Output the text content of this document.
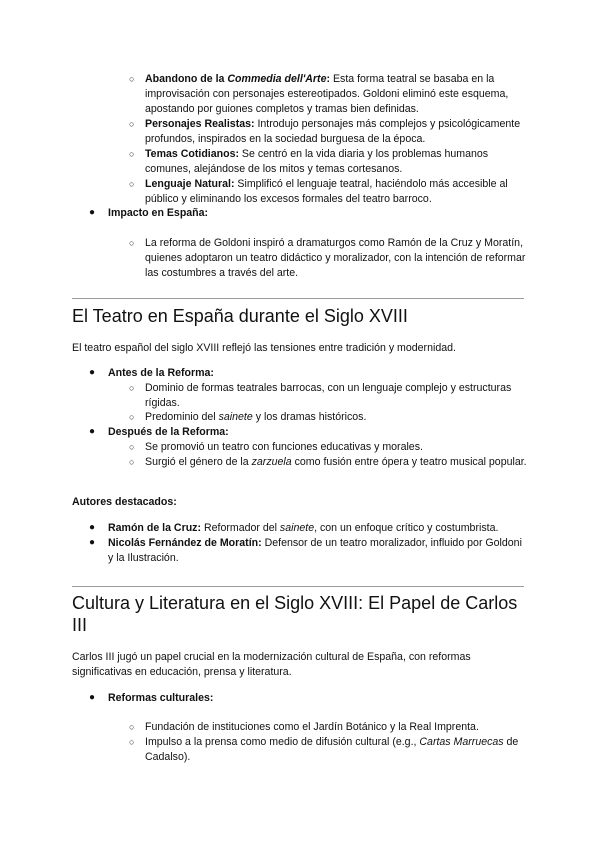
○ Abandono de la Commedia dell'Arte: Esta forma teatral se basaba en la improvisación con personajes estereotipados. Goldoni eliminó este esquema, apostando por guiones completos y tramas bien definidas.
○ Personajes Realistas: Introdujo personajes más complejos y psicológicamente profundos, inspirados en la sociedad burguesa de la época.
○ Temas Cotidianos: Se centró en la vida diaria y los problemas humanos comunes, alejándose de los mitos y temas cortesanos.
○ Lenguaje Natural: Simplificó el lenguaje teatral, haciéndolo más accesible al público y eliminando los excesos formales del teatro barroco.
● Impacto en España:
○ La reforma de Goldoni inspiró a dramaturgos como Ramón de la Cruz y Moratín, quienes adoptaron un teatro didáctico y moralizador, con la intención de reformar las costumbres a través del arte.
El Teatro en España durante el Siglo XVIII
El teatro español del siglo XVIII reflejó las tensiones entre tradición y modernidad.
● Antes de la Reforma:
○ Dominio de formas teatrales barrocas, con un lenguaje complejo y estructuras rígidas.
○ Predominio del sainete y los dramas históricos.
● Después de la Reforma:
○ Se promovió un teatro con funciones educativas y morales.
○ Surgió el género de la zarzuela como fusión entre ópera y teatro musical popular.
Autores destacados:
● Ramón de la Cruz: Reformador del sainete, con un enfoque crítico y costumbrista.
● Nicolás Fernández de Moratín: Defensor de un teatro moralizador, influido por Goldoni y la Ilustración.
Cultura y Literatura en el Siglo XVIII: El Papel de Carlos III
Carlos III jugó un papel crucial en la modernización cultural de España, con reformas significativas en educación, prensa y literatura.
● Reformas culturales:
○ Fundación de instituciones como el Jardín Botánico y la Real Imprenta.
○ Impulso a la prensa como medio de difusión cultural (e.g., Cartas Marruecas de Cadalso).
